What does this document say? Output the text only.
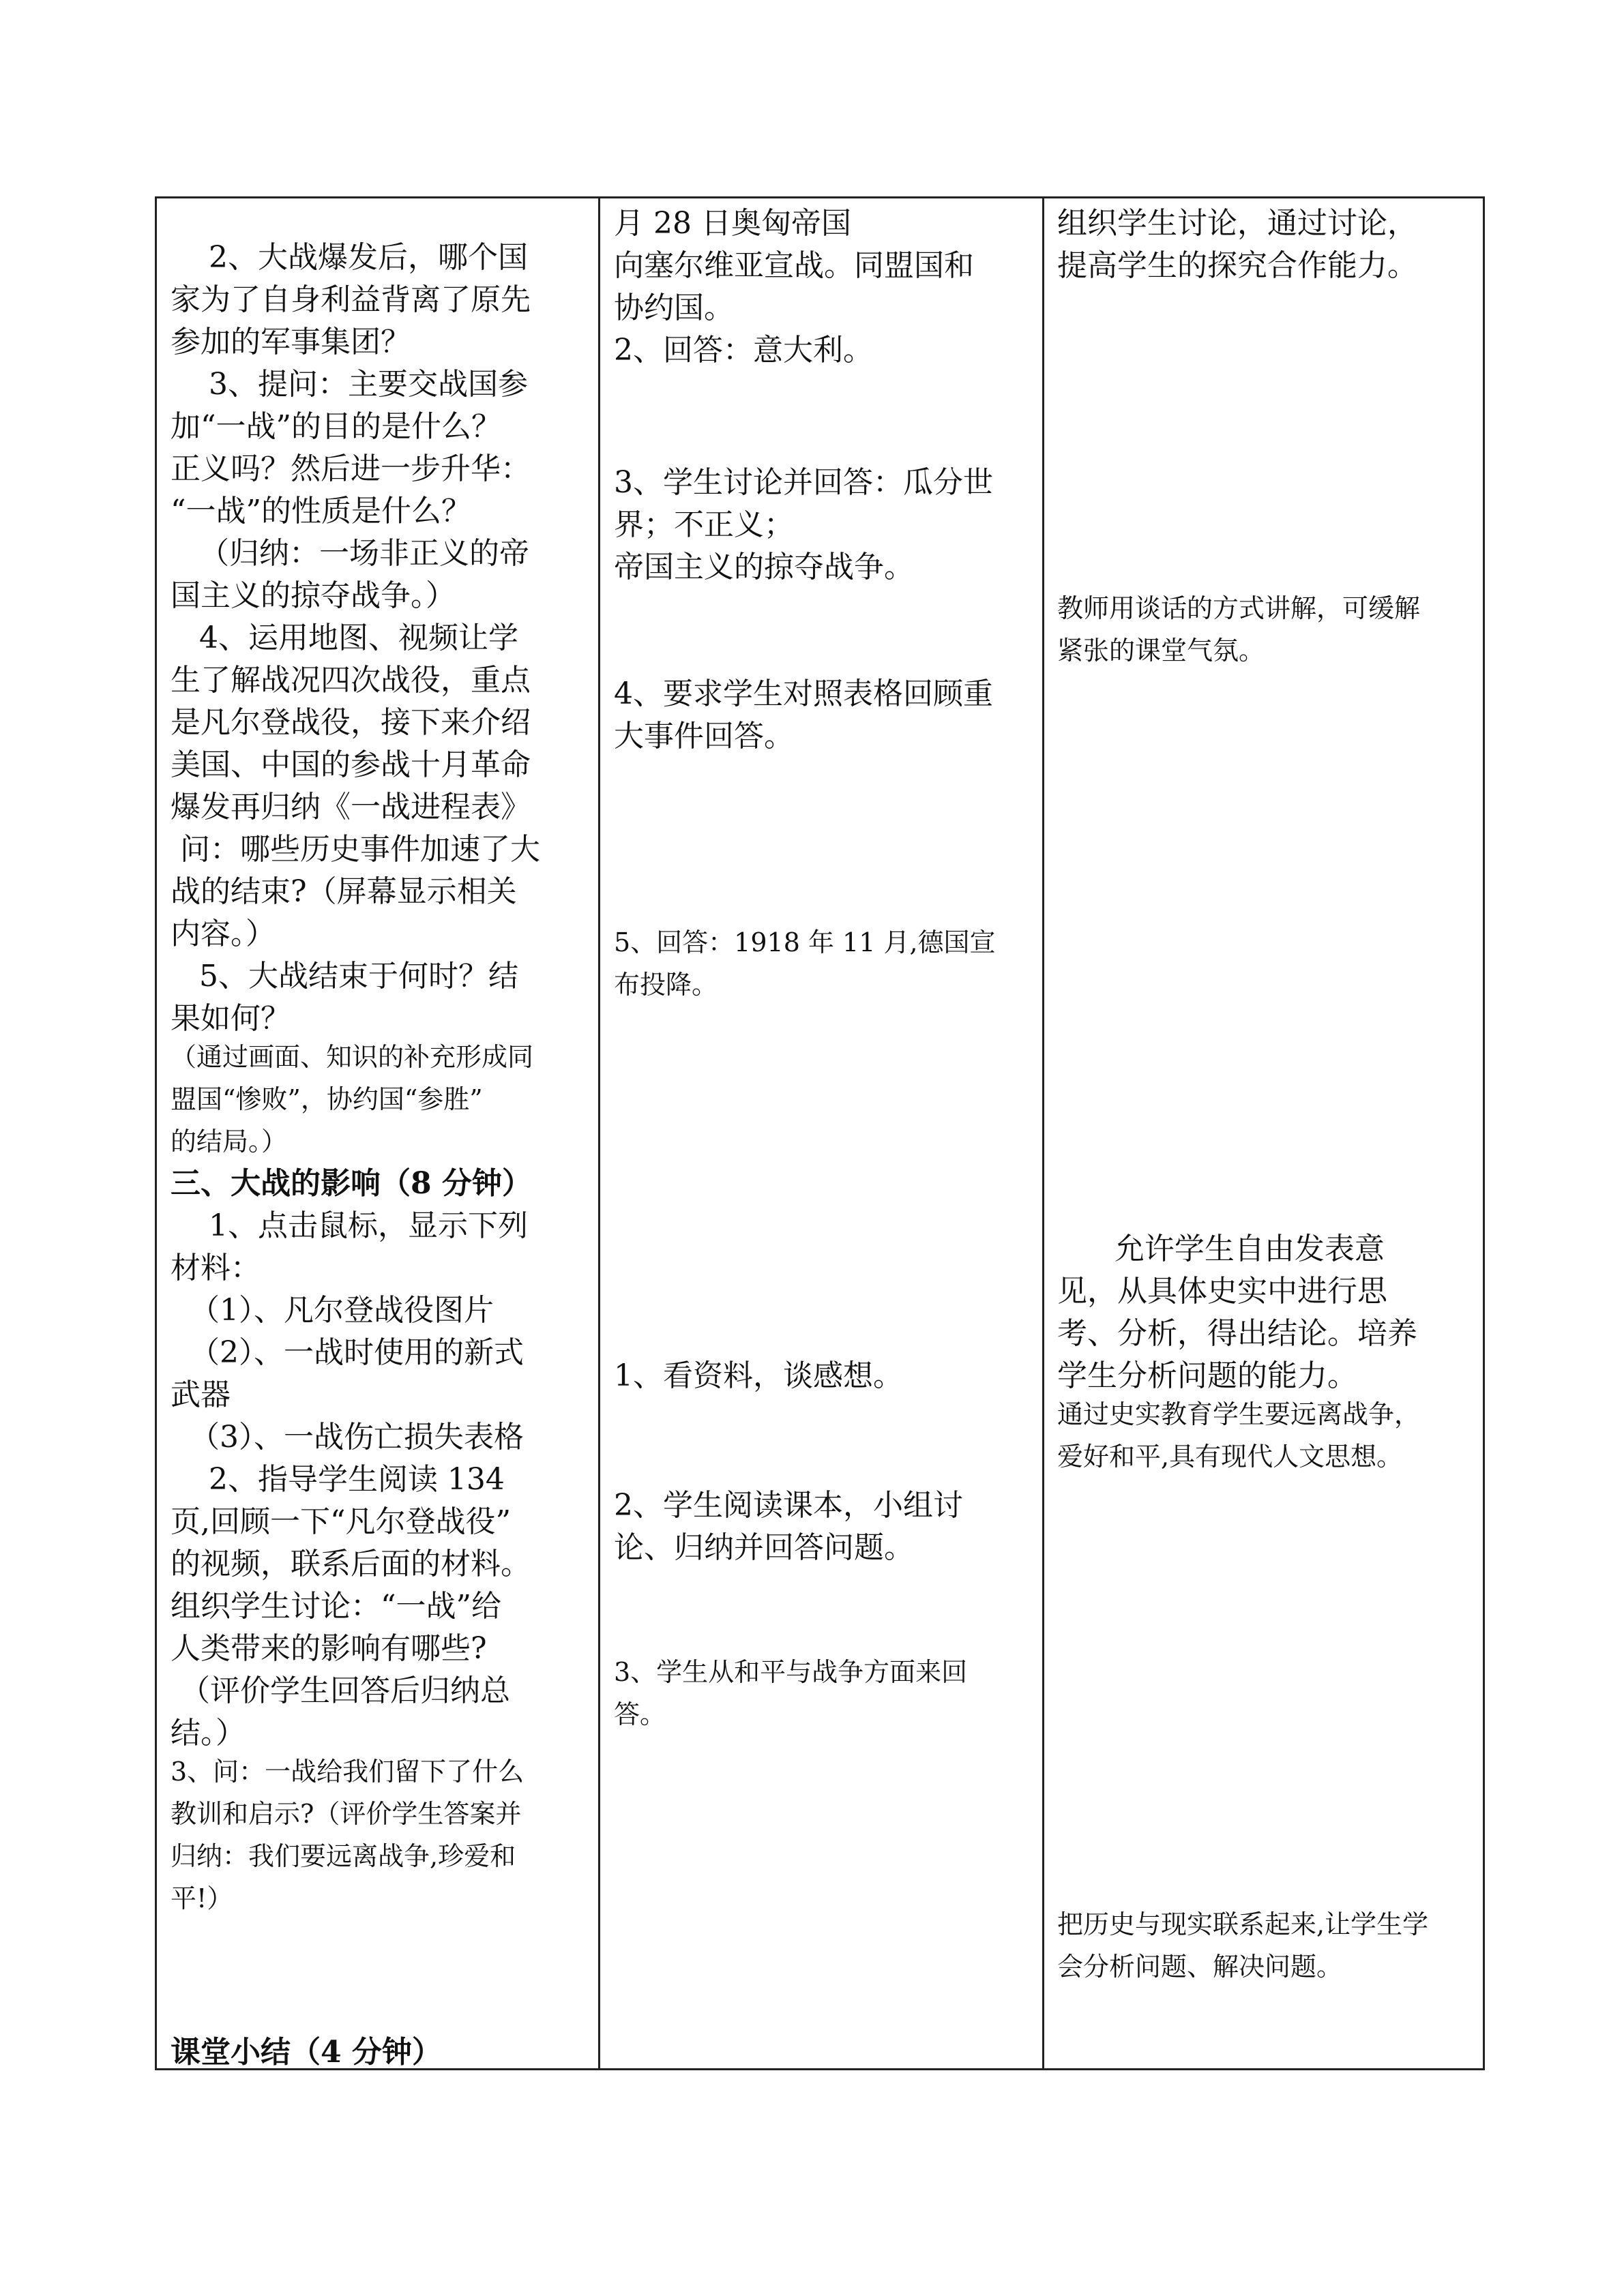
2、大战爆发后，哪个国
家为了自身利益背离了原先
参加的军事集团？
3、提问：主要交战国参
加“一战”的目的是什么？
正义吗？然后进一步升华：
“一战”的性质是什么？
（归纳：一场非正义的帝
国主义的掠夺战争。）
4、运用地图、视频让学
生了解战况四次战役，重点
是凡尔登战役，接下来介绍
美国、中国的参战十月革命
爆发再归纳《一战进程表》
问：哪些历史事件加速了大
战的结束?（屏幕显示相关
内容。）
5、大战结束于何时？结
果如何？
（通过画面、知识的补充形成同
盟国“惨败”，协约国“参胜”
的结局。）
三、大战的影响（8 分钟）
1、点击鼠标，显示下列
材料：
（1）、凡尔登战役图片
（2）、一战时使用的新式
武器
（3）、一战伤亡损失表格
2、指导学生阅读 134
页,回顾一下“凡尔登战役”
的视频，联系后面的材料。
组织学生讨论：“一战”给
人类带来的影响有哪些?
（评价学生回答后归纳总
结。）
3、问：一战给我们留下了什么
教训和启示?（评价学生答案并
归纳：我们要远离战争,珍爱和
平!）
课堂小结（4 分钟）
月 28 日奥匈帝国
向塞尔维亚宣战。同盟国和
协约国。
2、回答：意大利。
3、学生讨论并回答：瓜分世
界；不正义；
帝国主义的掠夺战争。
4、要求学生对照表格回顾重
大事件回答。
5、回答：1918 年 11 月,德国宣
布投降。
1、看资料，谈感想。
2、学生阅读课本，小组讨
论、归纳并回答问题。
3、学生从和平与战争方面来回
答。
组织学生讨论，通过讨论，
提高学生的探究合作能力。
教师用谈话的方式讲解，可缓解
紧张的课堂气氛。
允许学生自由发表意
见，从具体史实中进行思
考、分析，得出结论。培养
学生分析问题的能力。
通过史实教育学生要远离战争，
爱好和平,具有现代人文思想。
把历史与现实联系起来,让学生学
会分析问题、解决问题。
